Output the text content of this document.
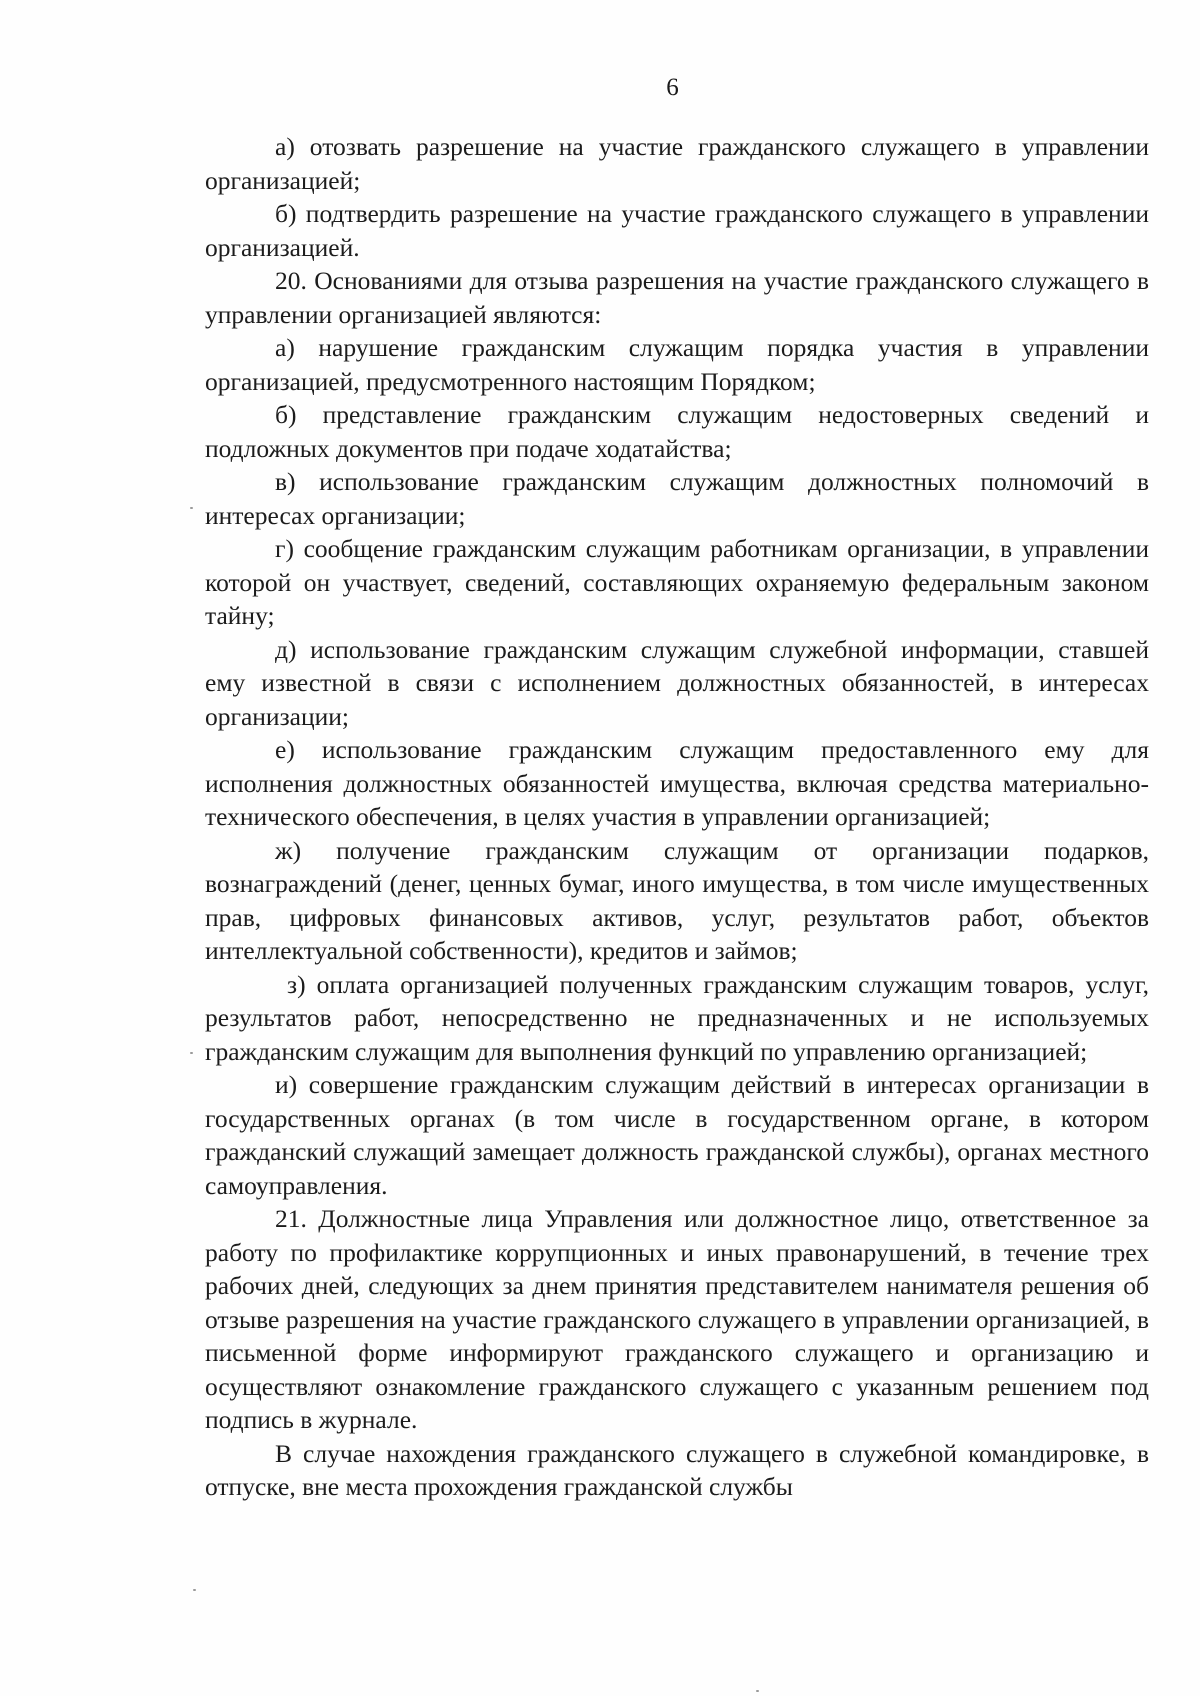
6

а) отозвать разрешение на участие гражданского служащего в управлении организацией;

б) подтвердить разрешение на участие гражданского служащего в управлении организацией.

20. Основаниями для отзыва разрешения на участие гражданского служащего в управлении организацией являются:

а) нарушение гражданским служащим порядка участия в управлении организацией, предусмотренного настоящим Порядком;

б) представление гражданским служащим недостоверных сведений и подложных документов при подаче ходатайства;

в) использование гражданским служащим должностных полномочий в интересах организации;

г) сообщение гражданским служащим работникам организации, в управлении которой он участвует, сведений, составляющих охраняемую федеральным законом тайну;

д) использование гражданским служащим служебной информации, ставшей ему известной в связи с исполнением должностных обязанностей, в интересах организации;

е) использование гражданским служащим предоставленного ему для исполнения должностных обязанностей имущества, включая средства материально-технического обеспечения, в целях участия в управлении организацией;

ж) получение гражданским служащим от организации подарков, вознаграждений (денег, ценных бумаг, иного имущества, в том числе имущественных прав, цифровых финансовых активов, услуг, результатов работ, объектов интеллектуальной собственности), кредитов и займов;

з) оплата организацией полученных гражданским служащим товаров, услуг, результатов работ, непосредственно не предназначенных и не используемых гражданским служащим для выполнения функций по управлению организацией;

и) совершение гражданским служащим действий в интересах организации в государственных органах (в том числе в государственном органе, в котором гражданский служащий замещает должность гражданской службы), органах местного самоуправления.

21. Должностные лица Управления или должностное лицо, ответственное за работу по профилактике коррупционных и иных правонарушений, в течение трех рабочих дней, следующих за днем принятия представителем нанимателя решения об отзыве разрешения на участие гражданского служащего в управлении организацией, в письменной форме информируют гражданского служащего и организацию и осуществляют ознакомление гражданского служащего с указанным решением под подпись в журнале.

В случае нахождения гражданского служащего в служебной командировке, в отпуске, вне места прохождения гражданской службы
